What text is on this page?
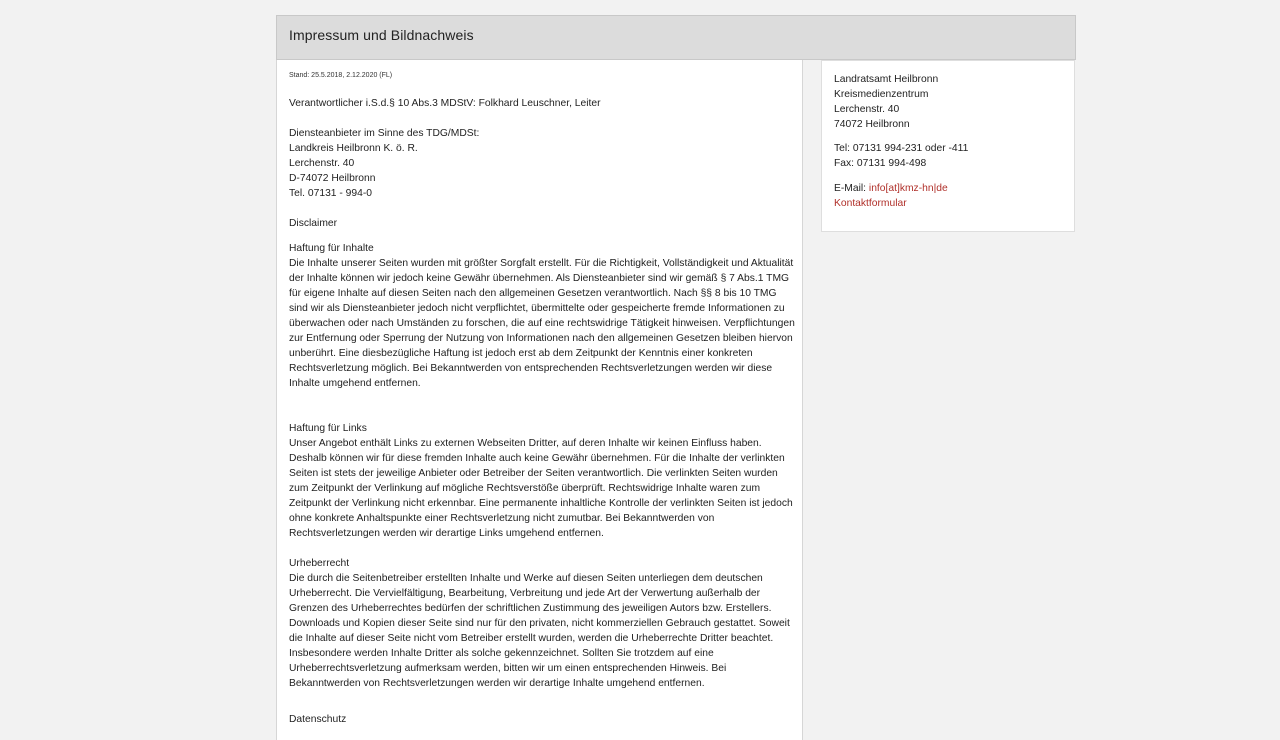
Impressum und Bildnachweis
Stand: 25.5.2018, 2.12.2020 (FL)
Verantwortlicher i.S.d.§ 10 Abs.3 MDStV: Folkhard Leuschner, Leiter
Diensteanbieter im Sinne des TDG/MDSt:
Landkreis Heilbronn K. ö. R.
Lerchenstr. 40
D-74072 Heilbronn
Tel. 07131 - 994-0
Disclaimer

Haftung für Inhalte

Die Inhalte unserer Seiten wurden mit größter Sorgfalt erstellt. Für die Richtigkeit, Vollständigkeit und Aktualität der Inhalte können wir jedoch keine Gewähr übernehmen. Als Diensteanbieter sind wir gemäß § 7 Abs.1 TMG für eigene Inhalte auf diesen Seiten nach den allgemeinen Gesetzen verantwortlich. Nach §§ 8 bis 10 TMG sind wir als Diensteanbieter jedoch nicht verpflichtet, übermittelte oder gespeicherte fremde Informationen zu überwachen oder nach Umständen zu forschen, die auf eine rechtswidrige Tätigkeit hinweisen. Verpflichtungen zur Entfernung oder Sperrung der Nutzung von Informationen nach den allgemeinen Gesetzen bleiben hiervon unberührt. Eine diesbezügliche Haftung ist jedoch erst ab dem Zeitpunkt der Kenntnis einer konkreten Rechtsverletzung möglich. Bei Bekanntwerden von entsprechenden Rechtsverletzungen werden wir diese Inhalte umgehend entfernen.

Haftung für Links

Unser Angebot enthält Links zu externen Webseiten Dritter, auf deren Inhalte wir keinen Einfluss haben. Deshalb können wir für diese fremden Inhalte auch keine Gewähr übernehmen. Für die Inhalte der verlinkten Seiten ist stets der jeweilige Anbieter oder Betreiber der Seiten verantwortlich. Die verlinkten Seiten wurden zum Zeitpunkt der Verlinkung auf mögliche Rechtsverstöße überprüft. Rechtswidrige Inhalte waren zum Zeitpunkt der Verlinkung nicht erkennbar. Eine permanente inhaltliche Kontrolle der verlinkten Seiten ist jedoch ohne konkrete Anhaltspunkte einer Rechtsverletzung nicht zumutbar. Bei Bekanntwerden von Rechtsverletzungen werden wir derartige Links umgehend entfernen.

Urheberrecht

Die durch die Seitenbetreiber erstellten Inhalte und Werke auf diesen Seiten unterliegen dem deutschen Urheberrecht. Die Vervielfältigung, Bearbeitung, Verbreitung und jede Art der Verwertung außerhalb der Grenzen des Urheberrechtes bedürfen der schriftlichen Zustimmung des jeweiligen Autors bzw. Erstellers. Downloads und Kopien dieser Seite sind nur für den privaten, nicht kommerziellen Gebrauch gestattet. Soweit die Inhalte auf dieser Seite nicht vom Betreiber erstellt wurden, werden die Urheberrechte Dritter beachtet. Insbesondere werden Inhalte Dritter als solche gekennzeichnet. Sollten Sie trotzdem auf eine Urheberrechtsverletzung aufmerksam werden, bitten wir um einen entsprechenden Hinweis. Bei Bekanntwerden von Rechtsverletzungen werden wir derartige Inhalte umgehend entfernen.

Datenschutz
Landratsamt Heilbronn
Kreismedienzentrum
Lerchenstr. 40
74072 Heilbronn
Tel: 07131 994-231 oder -411
Fax: 07131 994-498
E-Mail: info[at]kmz-hn|de
Kontaktformular
